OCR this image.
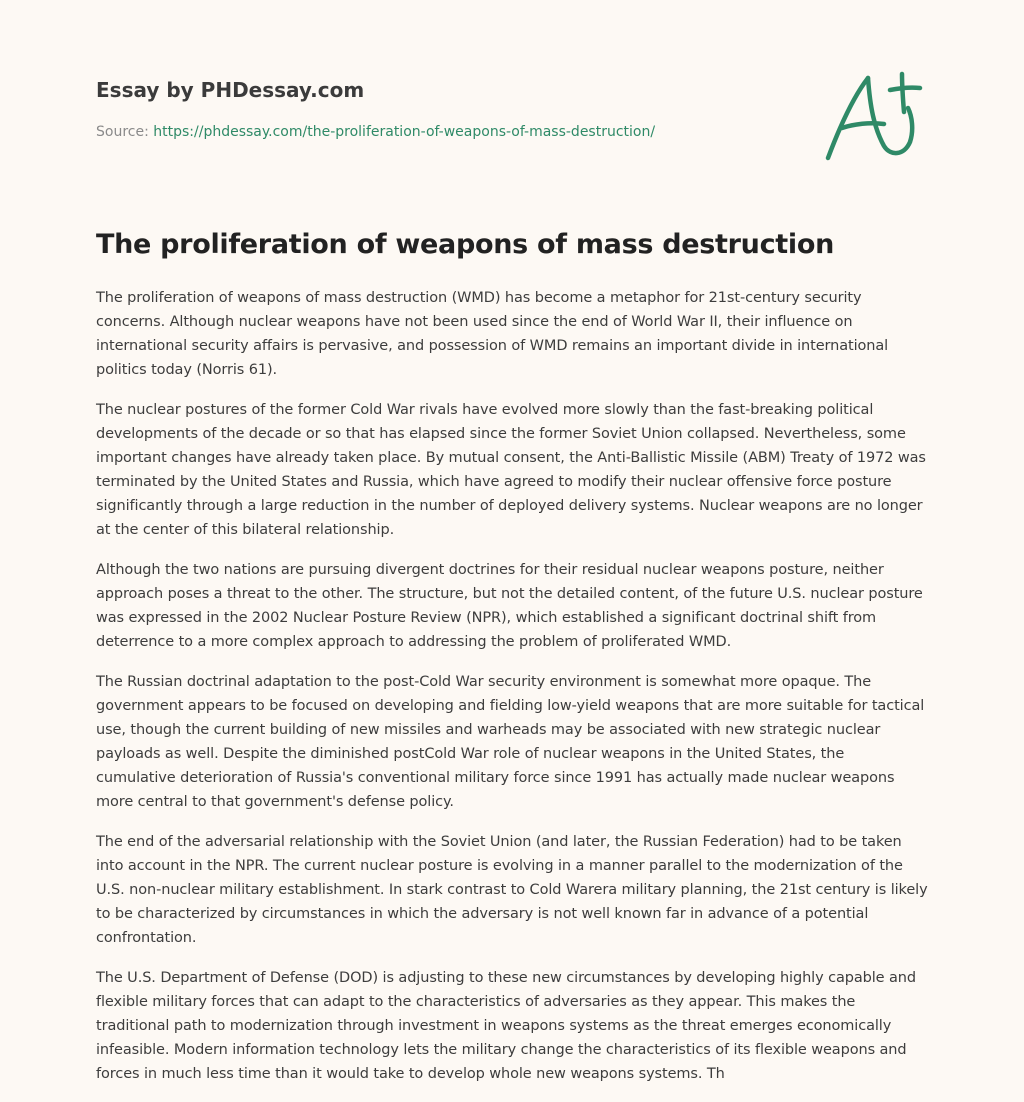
Essay by PHDessay.com
Source: https://phdessay.com/the-proliferation-of-weapons-of-mass-destruction/
The proliferation of weapons of mass destruction

The proliferation of weapons of mass destruction (WMD) has become a metaphor for 21st-century security concerns. Although nuclear weapons have not been used since the end of World War II, their influence on international security affairs is pervasive, and possession of WMD remains an important divide in international politics today (Norris 61).

The nuclear postures of the former Cold War rivals have evolved more slowly than the fast-breaking political developments of the decade or so that has elapsed since the former Soviet Union collapsed. Nevertheless, some important changes have already taken place. By mutual consent, the Anti-Ballistic Missile (ABM) Treaty of 1972 was terminated by the United States and Russia, which have agreed to modify their nuclear offensive force posture significantly through a large reduction in the number of deployed delivery systems. Nuclear weapons are no longer at the center of this bilateral relationship.

Although the two nations are pursuing divergent doctrines for their residual nuclear weapons posture, neither approach poses a threat to the other. The structure, but not the detailed content, of the future U.S. nuclear posture was expressed in the 2002 Nuclear Posture Review (NPR), which established a significant doctrinal shift from deterrence to a more complex approach to addressing the problem of proliferated WMD.

The Russian doctrinal adaptation to the post-Cold War security environment is somewhat more opaque. The government appears to be focused on developing and fielding low-yield weapons that are more suitable for tactical use, though the current building of new missiles and warheads may be associated with new strategic nuclear payloads as well. Despite the diminished postCold War role of nuclear weapons in the United States, the cumulative deterioration of Russia's conventional military force since 1991 has actually made nuclear weapons more central to that government's defense policy.

The end of the adversarial relationship with the Soviet Union (and later, the Russian Federation) had to be taken into account in the NPR. The current nuclear posture is evolving in a manner parallel to the modernization of the U.S. non-nuclear military establishment. In stark contrast to Cold Warera military planning, the 21st century is likely to be characterized by circumstances in which the adversary is not well known far in advance of a potential confrontation.

The U.S. Department of Defense (DOD) is adjusting to these new circumstances by developing highly capable and flexible military forces that can adapt to the characteristics of adversaries as they appear. This makes the traditional path to modernization through investment in weapons systems as the threat emerges economically infeasible. Modern information technology lets the military change the characteristics of its flexible weapons and forces in much less time than it would take to develop whole new weapons systems. Th
